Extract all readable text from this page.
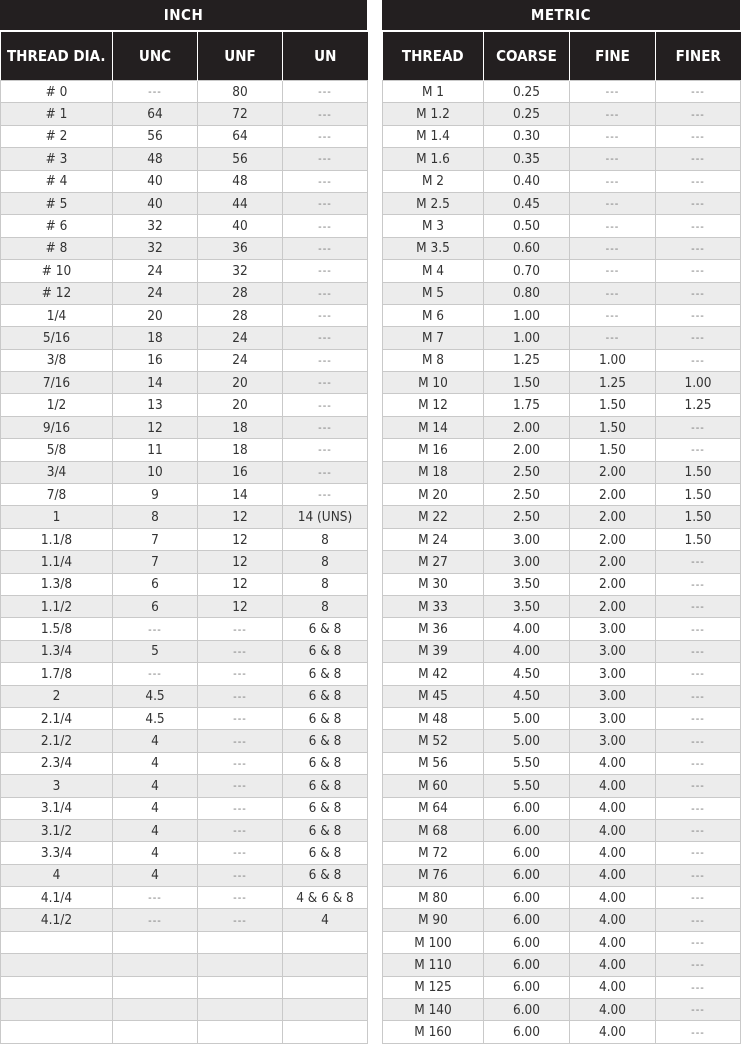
INCH

THREAD DIA.	UNC	UNF	UN
# 0	---	80	---
# 1	64	72	---
# 2	56	64	---
# 3	48	56	---
# 4	40	48	---
# 5	40	44	---
# 6	32	40	---
# 8	32	36	---
# 10	24	32	---
# 12	24	28	---
1/4	20	28	---
5/16	18	24	---
3/8	16	24	---
7/16	14	20	---
1/2	13	20	---
9/16	12	18	---
5/8	11	18	---
3/4	10	16	---
7/8	9	14	---
1	8	12	14 (UNS)
1.1/8	7	12	8
1.1/4	7	12	8
1.3/8	6	12	8
1.1/2	6	12	8
1.5/8	---	---	6 & 8
1.3/4	5	---	6 & 8
1.7/8	---	---	6 & 8
2	4.5	---	6 & 8
2.1/4	4.5	---	6 & 8
2.1/2	4	---	6 & 8
2.3/4	4	---	6 & 8
3	4	---	6 & 8
3.1/4	4	---	6 & 8
3.1/2	4	---	6 & 8
3.3/4	4	---	6 & 8
4	4	---	6 & 8
4.1/4	---	---	4 & 6 & 8
4.1/2	---	---	4

METRIC

THREAD	COARSE	FINE	FINER
M 1	0.25	---	---
M 1.2	0.25	---	---
M 1.4	0.30	---	---
M 1.6	0.35	---	---
M 2	0.40	---	---
M 2.5	0.45	---	---
M 3	0.50	---	---
M 3.5	0.60	---	---
M 4	0.70	---	---
M 5	0.80	---	---
M 6	1.00	---	---
M 7	1.00	---	---
M 8	1.25	1.00	---
M 10	1.50	1.25	1.00
M 12	1.75	1.50	1.25
M 14	2.00	1.50	---
M 16	2.00	1.50	---
M 18	2.50	2.00	1.50
M 20	2.50	2.00	1.50
M 22	2.50	2.00	1.50
M 24	3.00	2.00	1.50
M 27	3.00	2.00	---
M 30	3.50	2.00	---
M 33	3.50	2.00	---
M 36	4.00	3.00	---
M 39	4.00	3.00	---
M 42	4.50	3.00	---
M 45	4.50	3.00	---
M 48	5.00	3.00	---
M 52	5.00	3.00	---
M 56	5.50	4.00	---
M 60	5.50	4.00	---
M 64	6.00	4.00	---
M 68	6.00	4.00	---
M 72	6.00	4.00	---
M 76	6.00	4.00	---
M 80	6.00	4.00	---
M 90	6.00	4.00	---
M 100	6.00	4.00	---
M 110	6.00	4.00	---
M 125	6.00	4.00	---
M 140	6.00	4.00	---
M 160	6.00	4.00	---
